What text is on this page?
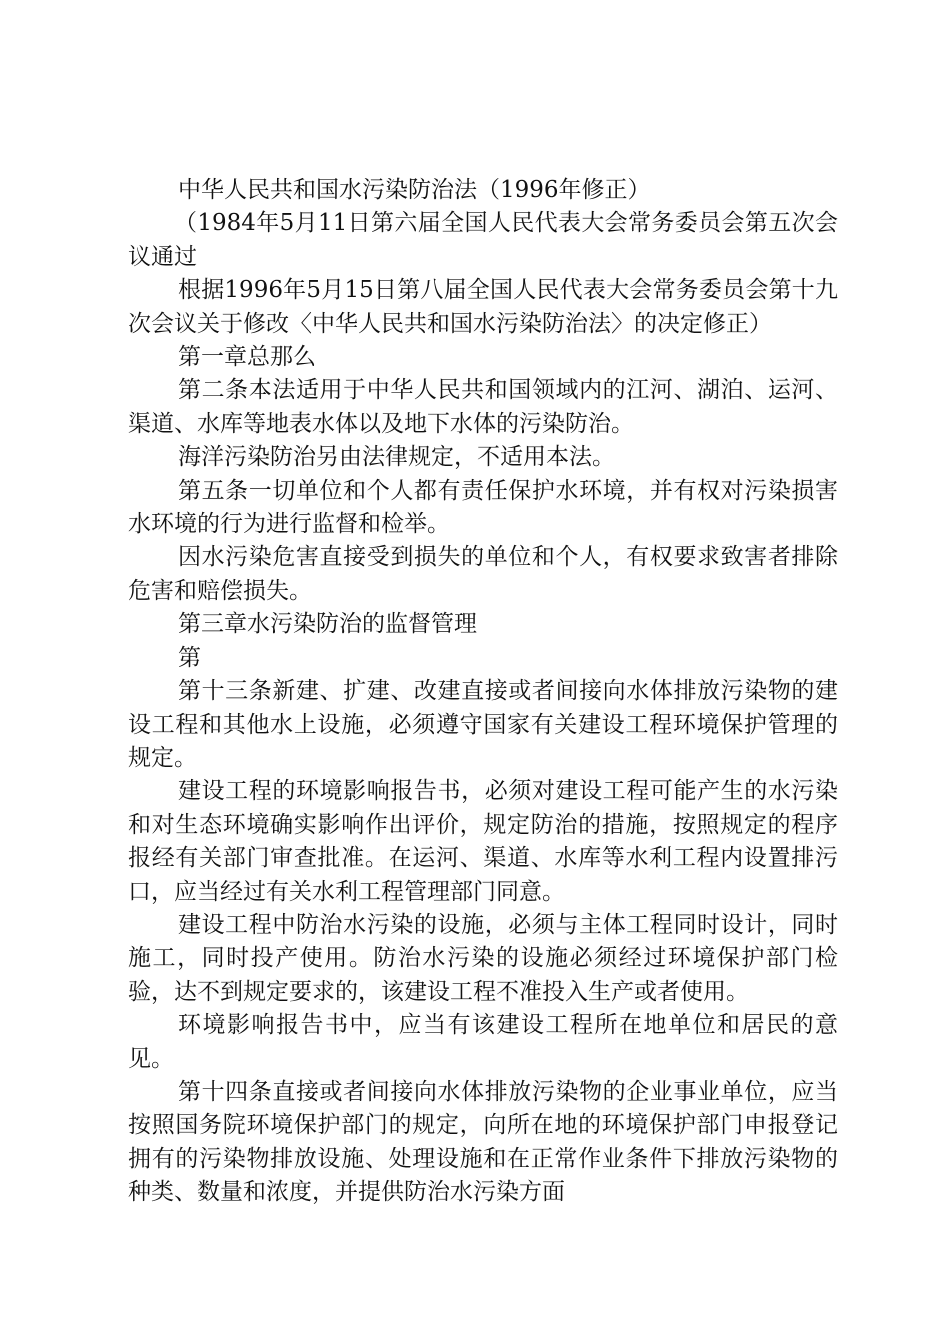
中华人民共和国水污染防治法（1996年修正）

（1984年5月11日第六届全国人民代表大会常务委员会第五次会议通过

根据1996年5月15日第八届全国人民代表大会常务委员会第十九次会议关于修改〈中华人民共和国水污染防治法〉的决定修正）

第一章总那么

第二条本法适用于中华人民共和国领域内的江河、湖泊、运河、渠道、水库等地表水体以及地下水体的污染防治。

海洋污染防治另由法律规定，不适用本法。

第五条一切单位和个人都有责任保护水环境，并有权对污染损害水环境的行为进行监督和检举。

因水污染危害直接受到损失的单位和个人，有权要求致害者排除危害和赔偿损失。

第三章水污染防治的监督管理

第

第十三条新建、扩建、改建直接或者间接向水体排放污染物的建设工程和其他水上设施，必须遵守国家有关建设工程环境保护管理的规定。

建设工程的环境影响报告书，必须对建设工程可能产生的水污染和对生态环境确实影响作出评价，规定防治的措施，按照规定的程序报经有关部门审查批准。在运河、渠道、水库等水利工程内设置排污口，应当经过有关水利工程管理部门同意。

建设工程中防治水污染的设施，必须与主体工程同时设计，同时施工，同时投产使用。防治水污染的设施必须经过环境保护部门检验，达不到规定要求的，该建设工程不准投入生产或者使用。

环境影响报告书中，应当有该建设工程所在地单位和居民的意见。

第十四条直接或者间接向水体排放污染物的企业事业单位，应当按照国务院环境保护部门的规定，向所在地的环境保护部门申报登记拥有的污染物排放设施、处理设施和在正常作业条件下排放污染物的种类、数量和浓度，并提供防治水污染方面
